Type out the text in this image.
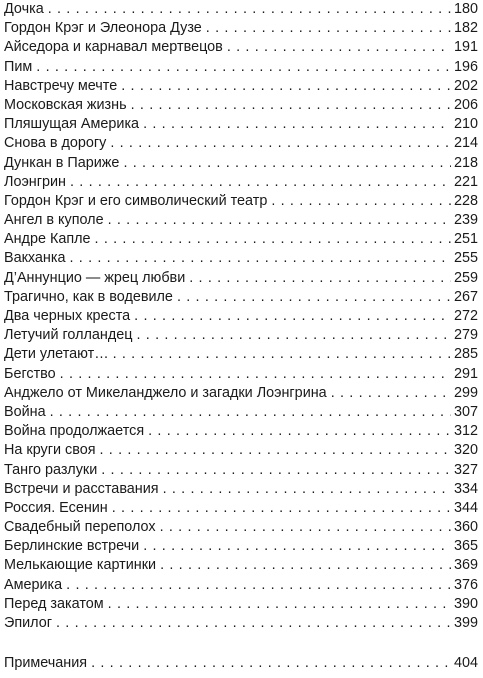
Дочка . . .	180
Гордон Крэг и Элеонора Дузе . . .	182
Айседора и карнавал мертвецов . . .	191
Пим . . .	196
Навстречу мечте . . .	202
Московская жизнь . . .	206
Пляшущая Америка . . .	210
Снова в дорогу . . .	214
Дункан в Париже . . .	218
Лоэнгрин . . .	221
Гордон Крэг и его символический театр . . .	228
Ангел в куполе . . .	239
Андре Капле . . .	251
Вакханка . . .	255
Д’Аннунцио — жрец любви . . .	259
Трагично, как в водевиле . . .	267
Два черных креста . . .	272
Летучий голландец . . .	279
Дети улетают… . . .	285
Бегство . . .	291
Анджело от Микеланджело и загадки Лоэнгрина . . .	299
Война . . .	307
Война продолжается . . .	312
На круги своя . . .	320
Танго разлуки . . .	327
Встречи и расставания . . .	334
Россия. Есенин . . .	344
Свадебный переполох . . .	360
Берлинские встречи . . .	365
Мелькающие картинки . . .	369
Америка . . .	376
Перед закатом . . .	390
Эпилог . . .	399
Примечания . . .	404
